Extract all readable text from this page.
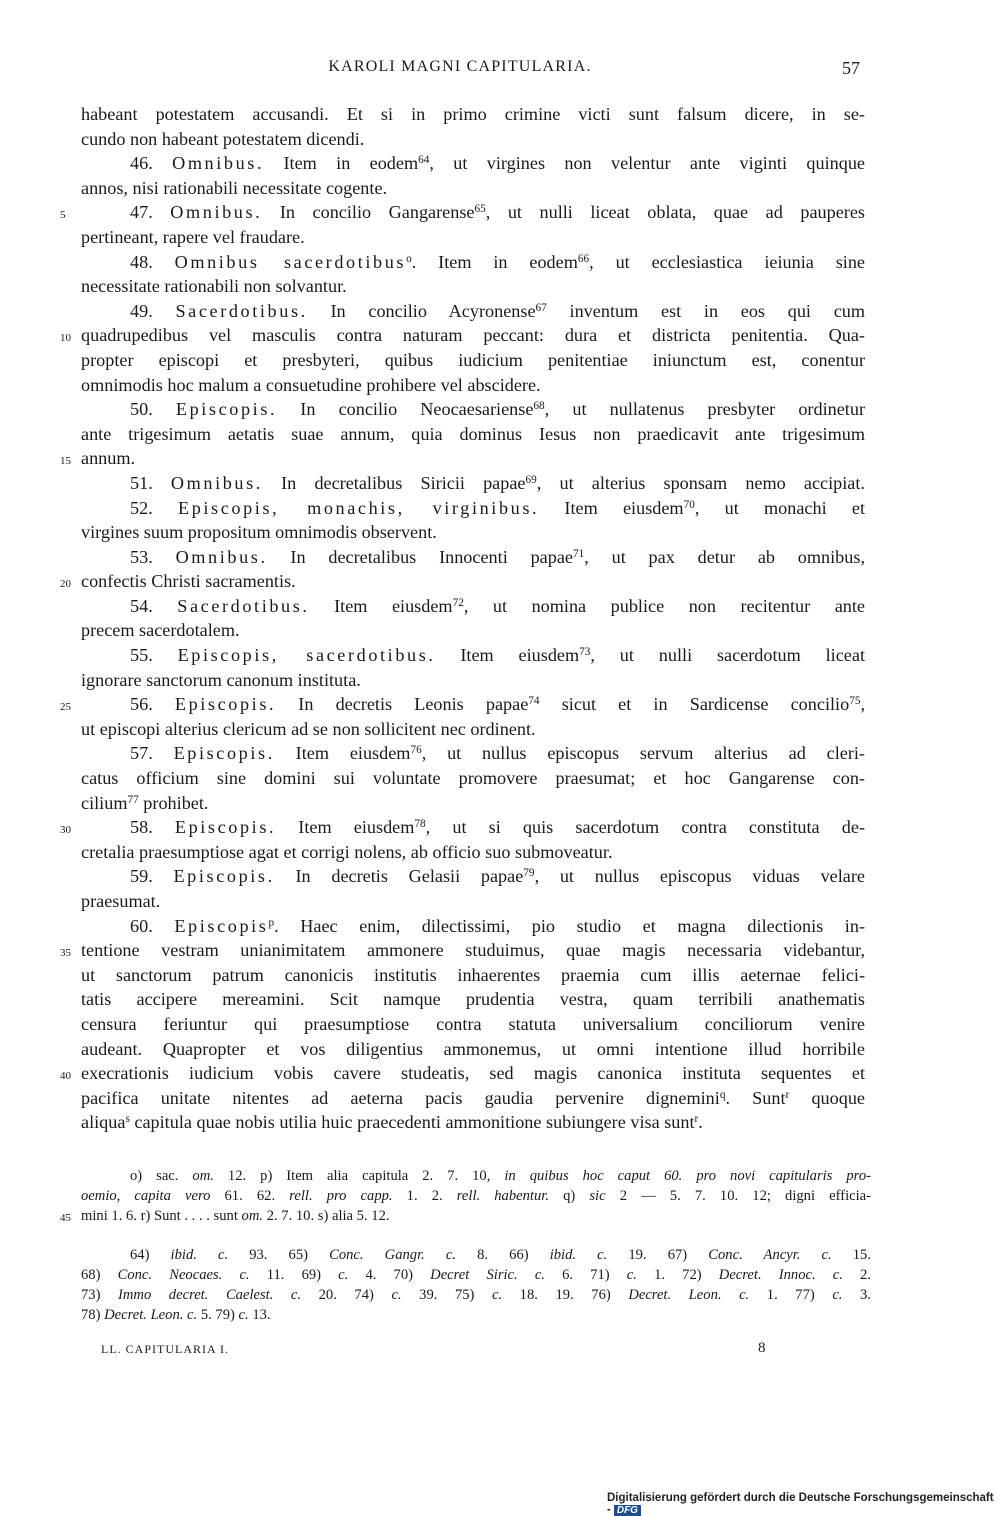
KAROLI MAGNI CAPITULARIA.	57
habeant potestatem accusandi. Et si in primo crimine victi sunt falsum dicere, in se-
cundo non habeant potestatem dicendi.
46. Omnibus. Item in eodem$^{64}$, ut virgines non velentur ante viginti quinque
annos, nisi rationabili necessitate cogente.
5	47. Omnibus. In concilio Gangarense$^{65}$, ut nulli liceat oblata, quae ad pauperes
pertineant, rapere vel fraudare.
48. Omnibus sacerdotibus$^o$. Item in eodem$^{66}$, ut ecclesiastica ieiunia sine
necessitate rationabili non solvantur.
49. Sacerdotibus. In concilio Acyronense$^{67}$ inventum est in eos qui cum
10 quadrupedibus vel masculis contra naturam peccant: dura et districta penitentia. Qua-
propter episcopi et presbyteri, quibus iudicium penitentiae iniunctum est, conentur
omnimodis hoc malum a consuetudine prohibere vel abscidere.
50. Episcopis. In concilio Neocaesariense$^{68}$, ut nullatenus presbyter ordinetur
ante trigesimum aetatis suae annum, quia dominus Iesus non praedicavit ante trigesimum
15 annum.
51. Omnibus. In decretalibus Siricii papae$^{69}$, ut alterius sponsam nemo accipiat.
52. Episcopis, monachis, virginibus. Item eiusdem$^{70}$, ut monachi et
virgines suum propositum omnimodis observent.
53. Omnibus. In decretalibus Innocenti papae$^{71}$, ut pax detur ab omnibus,
20 confectis Christi sacramentis.
54. Sacerdotibus. Item eiusdem$^{72}$, ut nomina publice non recitentur ante
precem sacerdotalem.
55. Episcopis, sacerdotibus. Item eiusdem$^{73}$, ut nulli sacerdotum liceat
ignorare sanctorum canonum instituta.
25	56. Episcopis. In decretis Leonis papae$^{74}$ sicut et in Sardicense concilio$^{75}$,
ut episcopi alterius clericum ad se non sollicitent nec ordinent.
57. Episcopis. Item eiusdem$^{76}$, ut nullus episcopus servum alterius ad cleri-
catus officium sine domini sui voluntate promovere praesumat; et hoc Gangarense con-
cilium$^{77}$ prohibet.
30	58. Episcopis. Item eiusdem$^{78}$, ut si quis sacerdotum contra constituta de-
cretalia praesumptiose agat et corrigi nolens, ab officio suo submoveatur.
59. Episcopis. In decretis Gelasii papae$^{79}$, ut nullus episcopus viduas velare
praesumat.
60. Episcopis$^p$. Haec enim, dilectissimi, pio studio et magna dilectionis in-
35 tentione vestram unianimitatem ammonere studuimus, quae magis necessaria videbantur,
ut sanctorum patrum canonicis institutis inhaerentes praemia cum illis aeternae felici-
tatis accipere mereamini. Scit namque prudentia vestra, quam terribili anathematis
censura feriuntur qui praesumptiose contra statuta universalium conciliorum venire
audeant. Quapropter et vos diligentius ammonemus, ut omni intentione illud horribile
40 execrationis iudicium vobis cavere studeatis, sed magis canonica instituta sequentes et
pacifica unitate nitentes ad aeterna pacis gaudia pervenire dignemini$^q$. Sunt$^r$ quoque
aliqua$^s$ capitula quae nobis utilia huic praecedenti ammonitione subiungere visa sunt$^r$.
o) sac. om. 12. p) Item alia capitula 2. 7. 10, in quibus hoc caput 60. pro novi capitularis pro-
oemio, capita vero 61. 62. rell. pro capp. 1. 2. rell. habentur. q) sic 2 — 5. 7. 10. 12; digni efficia-
45 mini 1. 6. r) Sunt . . . . sunt om. 2. 7. 10. s) alia 5. 12.
64) ibid. c. 93. 65) Conc. Gangr. c. 8. 66) ibid. c. 19. 67) Conc. Ancyr. c. 15.
68) Conc. Neocaes. c. 11. 69) c. 4. 70) Decret Siric. c. 6. 71) c. 1. 72) Decret. Innoc. c. 2.
73) Immo decret. Caelest. c. 20. 74) c. 39. 75) c. 18. 19. 76) Decret. Leon. c. 1. 77) c. 3.
78) Decret. Leon. c. 5. 79) c. 13.
LL. CAPITULARIA I.	8
Digitalisierung gefördert durch die Deutsche Forschungsgemeinschaft - DFG
